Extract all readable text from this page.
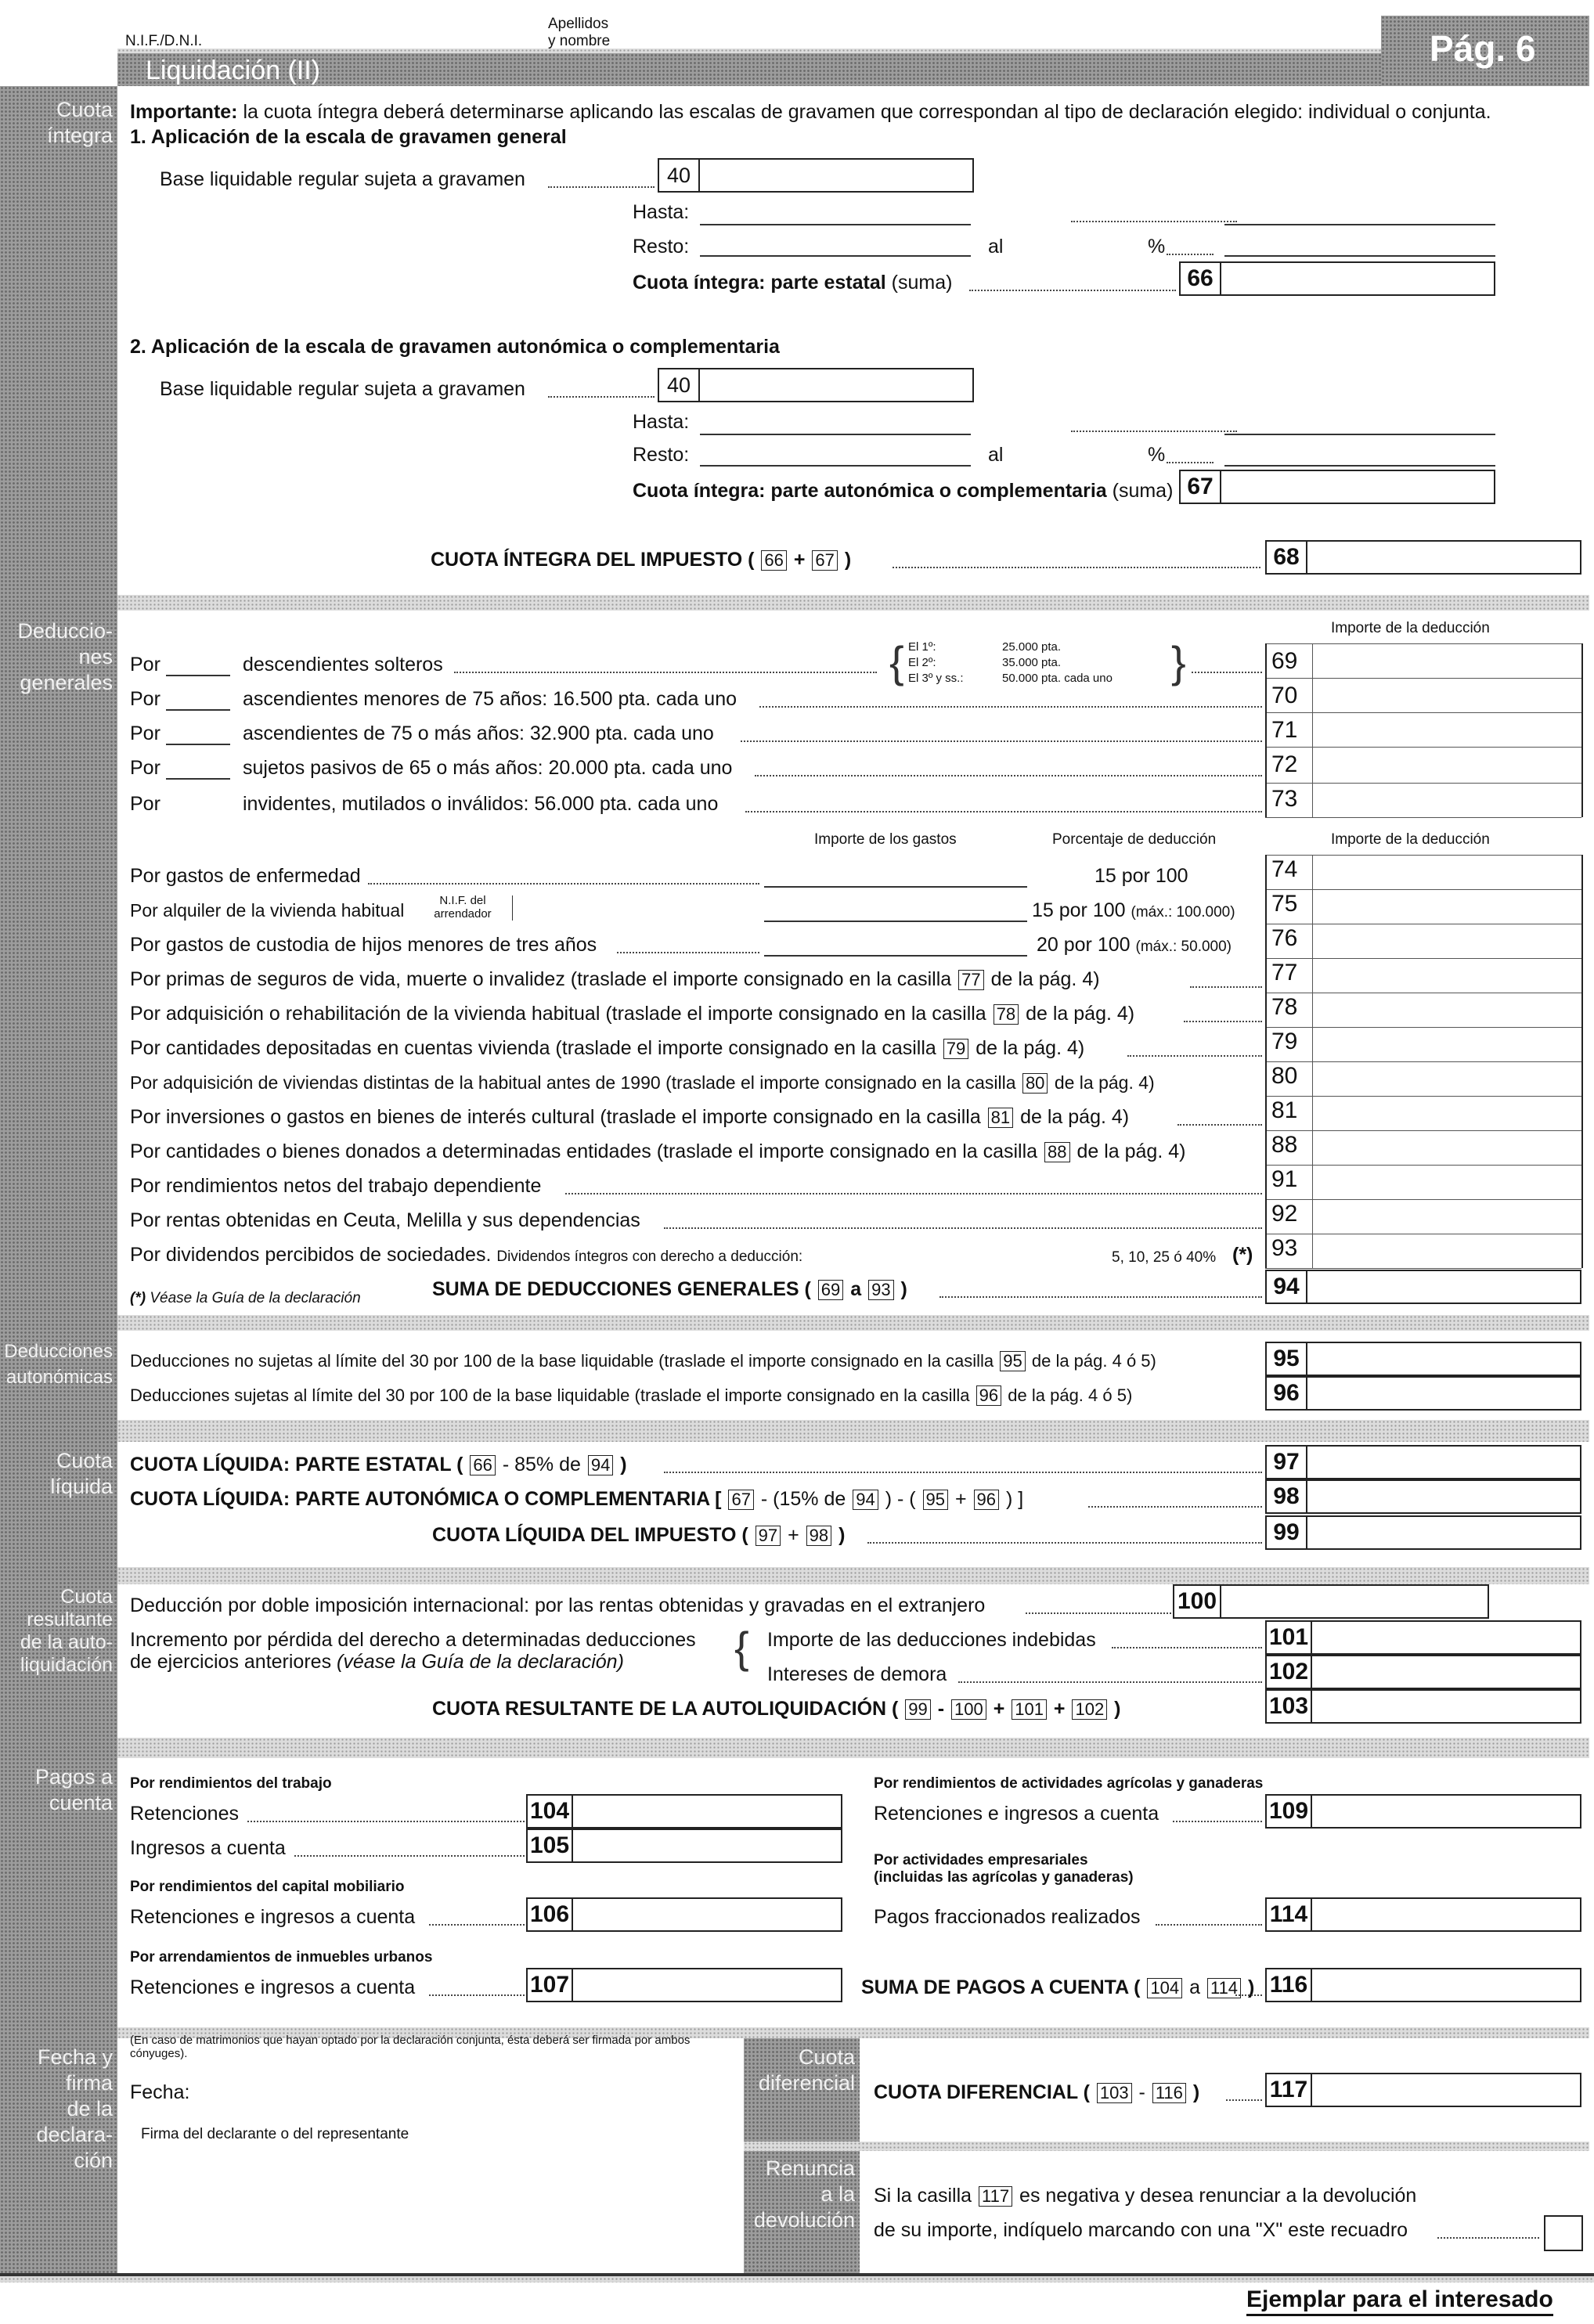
N.I.F./D.N.I.
Apellidos
y nombre
Liquidación (II)
Pág. 6
Cuota
íntegra
Importante: la cuota íntegra deberá determinarse aplicando las escalas de gravamen que correspondan al tipo de declaración elegido: individual o conjunta.
1. Aplicación de la escala de gravamen general
Base liquidable regular sujeta a gravamen	40
Hasta:
Resto:	al	%
Cuota íntegra: parte estatal (suma)	66
2. Aplicación de la escala de gravamen autonómica o complementaria
Base liquidable regular sujeta a gravamen	40
Hasta:
Resto:	al	%
Cuota íntegra: parte autonómica o complementaria (suma) 67
CUOTA ÍNTEGRA DEL IMPUESTO ( 66 + 67 )	68
Deduccio-
nes
generales
Importe de la deducción
Por	descendientes solteros
El 1º:	25.000 pta.
El 2º:	35.000 pta.
El 3º y ss.:	50.000 pta. cada uno
{	}	69
Por	ascendientes menores de 75 años: 16.500 pta. cada uno	70
Por	ascendientes de 75 o más años: 32.900 pta. cada uno	71
Por	sujetos pasivos de 65 o más años: 20.000 pta. cada uno	72
Por	invidentes, mutilados o inválidos: 56.000 pta. cada uno	73
Importe de los gastos	Porcentaje de deducción	Importe de la deducción
Por gastos de enfermedad	15 por 100	74
Por alquiler de la vivienda habitual	N.I.F. del arrendador	15 por 100 (máx.: 100.000) 75
Por gastos de custodia de hijos menores de tres años	20 por 100 (máx.: 50.000) 76
Por primas de seguros de vida, muerte o invalidez (traslade el importe consignado en la casilla 77 de la pág. 4)	77
Por adquisición o rehabilitación de la vivienda habitual (traslade el importe consignado en la casilla 78 de la pág. 4)	78
Por cantidades depositadas en cuentas vivienda (traslade el importe consignado en la casilla 79 de la pág. 4)	79
Por adquisición de viviendas distintas de la habitual antes de 1990 (traslade el importe consignado en la casilla 80 de la pág. 4)	80
Por inversiones o gastos en bienes de interés cultural (traslade el importe consignado en la casilla 81 de la pág. 4)	81
Por cantidades o bienes donados a determinadas entidades (traslade el importe consignado en la casilla 88 de la pág. 4)	88
Por rendimientos netos del trabajo dependiente	91
Por rentas obtenidas en Ceuta, Melilla y sus dependencias	92
Por dividendos percibidos de sociedades. Dividendos íntegros con derecho a deducción:	5, 10, 25 ó 40% (*) 93
(*) Véase la Guía de la declaración	SUMA DE DEDUCCIONES GENERALES ( 69 a 93 )	94
Deducciones
autonómicas
Deducciones no sujetas al límite del 30 por 100 de la base liquidable (traslade el importe consignado en la casilla 95 de la pág. 4 ó 5)	95
Deducciones sujetas al límite del 30 por 100 de la base liquidable (traslade el importe consignado en la casilla 96 de la pág. 4 ó 5)	96
Cuota
líquida
CUOTA LÍQUIDA: PARTE ESTATAL ( 66 - 85% de 94 )	97
CUOTA LÍQUIDA: PARTE AUTONÓMICA O COMPLEMENTARIA [ 67 - (15% de 94 ) - ( 95 + 96 ) ]	98
CUOTA LÍQUIDA DEL IMPUESTO ( 97 + 98 )	99
Cuota
resultante
de la auto-
liquidación
Deducción por doble imposición internacional: por las rentas obtenidas y gravadas en el extranjero	100
Incremento por pérdida del derecho a determinadas deducciones
de ejercicios anteriores (véase la Guía de la declaración)	{ Importe de las deducciones indebidas	101
Intereses de demora	102
CUOTA RESULTANTE DE LA AUTOLIQUIDACIÓN ( 99 - 100 + 101 + 102 )	103
Pagos a
cuenta
Por rendimientos del trabajo
Retenciones	104
Ingresos a cuenta	105
Por rendimientos del capital mobiliario
Retenciones e ingresos a cuenta	106
Por arrendamientos de inmuebles urbanos
Retenciones e ingresos a cuenta	107
Por rendimientos de actividades agrícolas y ganaderas
Retenciones e ingresos a cuenta	109
Por actividades empresariales
(incluidas las agrícolas y ganaderas)
Pagos fraccionados realizados	114
SUMA DE PAGOS A CUENTA ( 104 a 114 ) 116
Fecha y
firma
de la
declara-
ción
(En caso de matrimonios que hayan optado por la declaración conjunta, ésta deberá ser firmada por ambos cónyuges).
Fecha:
Firma del declarante o del representante
Cuota
diferencial CUOTA DIFERENCIAL ( 103 - 116 )	117
Renuncia
a la
devolución
Si la casilla 117 es negativa y desea renunciar a la devolución
de su importe, indíquelo marcando con una "X" este recuadro
Ejemplar para el interesado
